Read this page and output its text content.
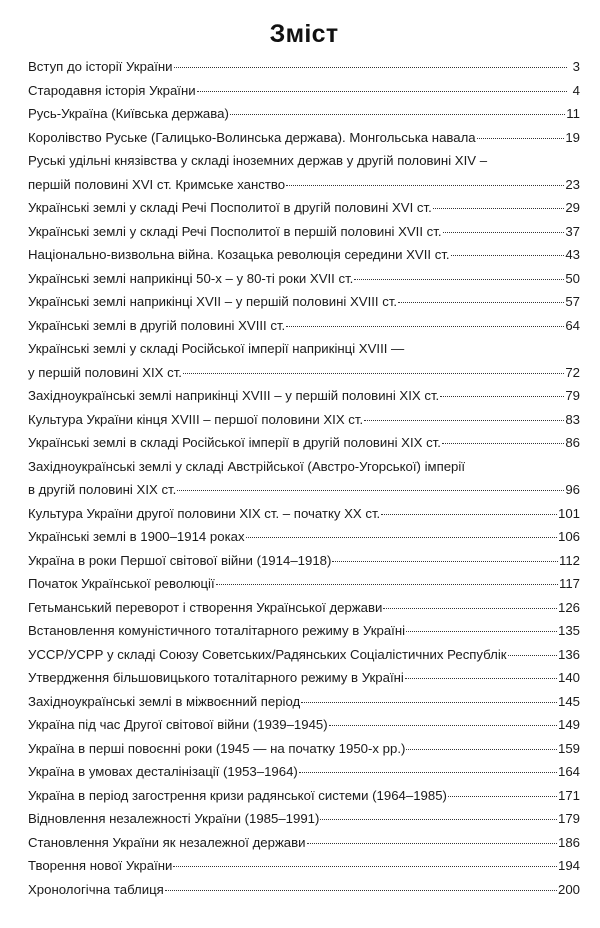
Зміст
Вступ до історії України	3
Стародавня історія України	4
Русь-Україна (Київська держава)	11
Королівство Руське (Галицько-Волинська держава). Монгольська навала	19
Руські удільні князівства у складі іноземних держав у другій половині XIV –
першій половині XVI ст. Кримське ханство	23
Українські землі у складі Речі Посполитої в другій половині XVI ст.	29
Українські землі у складі Речі Посполитої в першій половині XVII ст.	37
Національно-визвольна війна. Козацька революція середини XVII ст.	43
Українські землі наприкінці 50-х – у 80-ті роки XVII ст.	50
Українські землі наприкінці XVII – у першій половині XVIII ст.	57
Українські землі в другій половині XVIII ст.	64
Українські землі у складі Російської імперії наприкінці XVIII —
у першій половині XIX ст.	72
Західноукраїнські землі наприкінці XVIII – у першій половині XIX ст.	79
Культура України кінця XVIII – першої половини XIX ст.	83
Українські землі в складі Російської імперії в другій половині XIX ст.	86
Західноукраїнські землі у складі Австрійської (Австро-Угорської) імперії
в другій половині XIX ст.	96
Культура України другої половини XIX ст. – початку XX ст.	101
Українські землі в 1900–1914 роках	106
Україна в роки Першої світової війни (1914–1918)	112
Початок Української революції	117
Гетьманський переворот і створення Української держави	126
Встановлення комуністичного тоталітарного режиму в Україні	135
УССР/УСРР у складі Союзу Советських/Радянських Соціалістичних Республік	136
Утвердження більшовицького тоталітарного режиму в Україні	140
Західноукраїнські землі в міжвоєнний період	145
Україна під час Другої світової війни (1939–1945)	149
Україна в перші повоєнні роки (1945 — на початку 1950-х рр.)	159
Україна в умовах десталінізації (1953–1964)	164
Україна в період загострення кризи радянської системи (1964–1985)	171
Відновлення незалежності України (1985–1991)	179
Становлення України як незалежної держави	186
Творення нової України	194
Хронологічна таблиця	200
